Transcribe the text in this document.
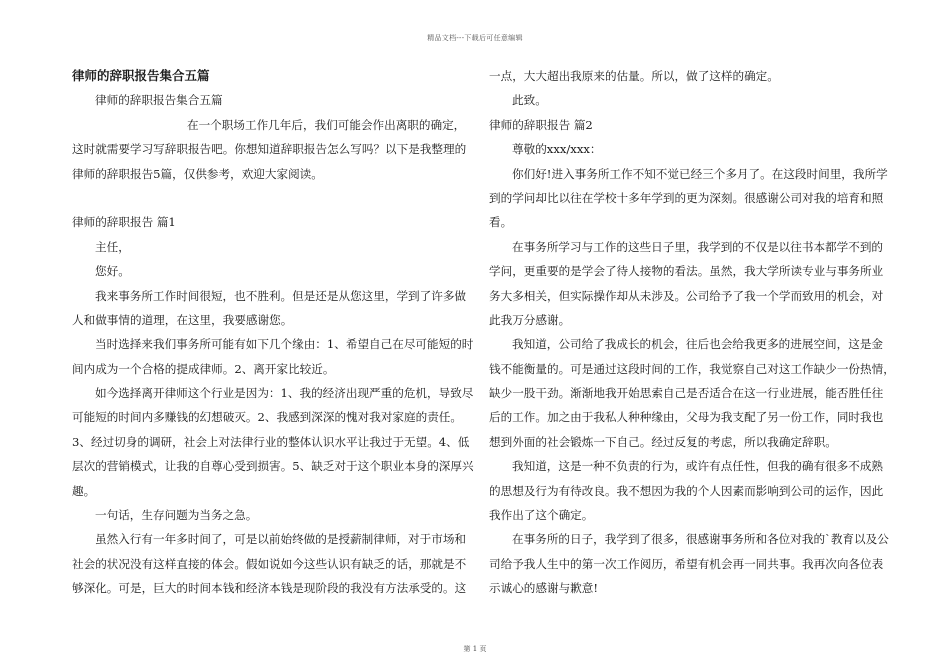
精品文档---下载后可任意编辑
律师的辞职报告集合五篇
律师的辞职报告集合五篇
在一个职场工作几年后，我们可能会作出离职的确定，
这时就需要学习写辞职报告吧。你想知道辞职报告怎么写吗？以下是我整理的
律师的辞职报告5篇，仅供参考，欢迎大家阅读。
律师的辞职报告 篇1
主任，
您好。
我来事务所工作时间很短，也不胜利。但是还是从您这里，学到了许多做
人和做事情的道理，在这里，我要感谢您。
当时选择来我们事务所可能有如下几个缘由：1、希望自己在尽可能短的时
间内成为一个合格的提成律师。2、离开家比较近。
如今选择离开律师这个行业是因为：1、我的经济出现严重的危机，导致尽
可能短的时间内多赚钱的幻想破灭。2、我感到深深的愧对我对家庭的责任。
3、经过切身的调研，社会上对法律行业的整体认识水平让我过于无望。4、低
层次的营销模式，让我的自尊心受到损害。5、缺乏对于这个职业本身的深厚兴
趣。
一句话，生存问题为当务之急。
虽然入行有一年多时间了，可是以前始终做的是授薪制律师，对于市场和
社会的状况没有这样直接的体会。假如说如今这些认识有缺乏的话，那就是不
够深化。可是，巨大的时间本钱和经济本钱是现阶段的我没有方法承受的。这
一点，大大超出我原来的估量。所以，做了这样的确定。
此致。
律师的辞职报告 篇2
尊敬的xxx/xxx：
你们好!进入事务所工作不知不觉已经三个多月了。在这段时间里，我所学
到的学问却比以往在学校十多年学到的更为深刻。很感谢公司对我的培育和照
看。
在事务所学习与工作的这些日子里，我学到的不仅是以往书本都学不到的
学问，更重要的是学会了待人接物的看法。虽然，我大学所读专业与事务所业
务大多相关，但实际操作却从未涉及。公司给予了我一个学而致用的机会，对
此我万分感谢。
我知道，公司给了我成长的机会，往后也会给我更多的进展空间，这是金
钱不能衡量的。可是通过这段时间的工作，我觉察自己对这工作缺少一份热情，
缺少一股干劲。渐渐地我开始思索自己是否适合在这一行业进展，能否胜任往
后的工作。加之由于我私人种种缘由，父母为我支配了另一份工作，同时我也
想到外面的社会锻炼一下自己。经过反复的考虑，所以我确定辞职。
我知道，这是一种不负责的行为，或许有点任性，但我的确有很多不成熟
的思想及行为有待改良。我不想因为我的个人因素而影响到公司的运作，因此
我作出了这个确定。
在事务所的日子，我学到了很多，很感谢事务所和各位对我的`教育以及公
司给予我人生中的第一次工作阅历，希望有机会再一同共事。我再次向各位表
示诚心的感谢与歉意!
第 1 页
